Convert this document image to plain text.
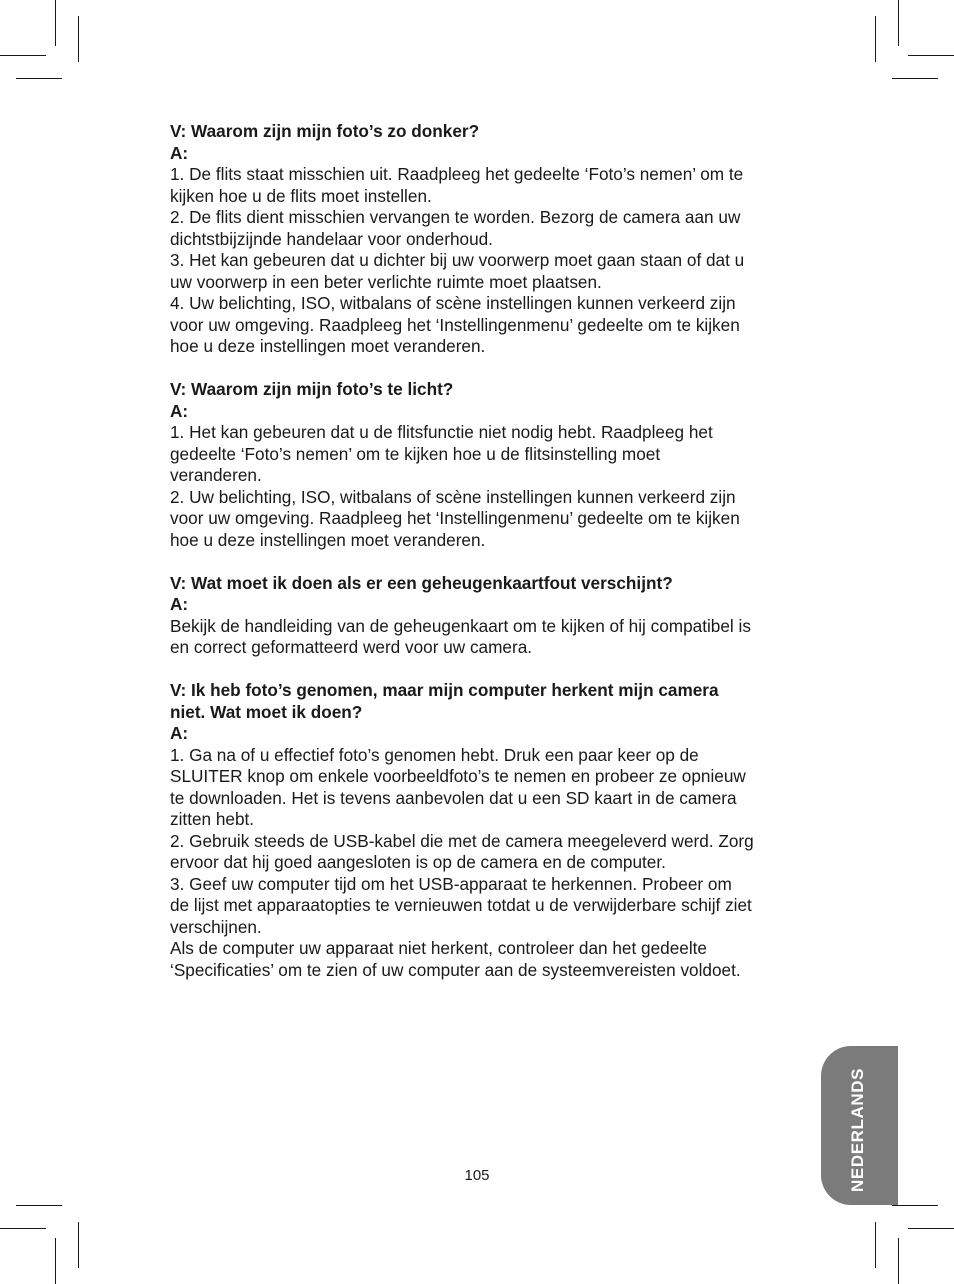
V: Waarom zijn mijn foto’s zo donker?
A:
1. De flits staat misschien uit. Raadpleeg het gedeelte ‘Foto’s nemen’ om te
kijken hoe u de flits moet instellen.
2. De flits dient misschien vervangen te worden. Bezorg de camera aan uw
dichtstbijzijnde handelaar voor onderhoud.
3. Het kan gebeuren dat u dichter bij uw voorwerp moet gaan staan of dat u
uw voorwerp in een beter verlichte ruimte moet plaatsen.
4. Uw belichting, ISO, witbalans of scène instellingen kunnen verkeerd zijn
voor uw omgeving. Raadpleeg het ‘Instellingenmenu’ gedeelte om te kijken
hoe u deze instellingen moet veranderen.
V: Waarom zijn mijn foto’s te licht?
A:
1. Het kan gebeuren dat u de flitsfunctie niet nodig hebt. Raadpleeg het
gedeelte ‘Foto’s nemen’ om te kijken hoe u de flitsinstelling moet
veranderen.
2. Uw belichting, ISO, witbalans of scène instellingen kunnen verkeerd zijn
voor uw omgeving. Raadpleeg het ‘Instellingenmenu’ gedeelte om te kijken
hoe u deze instellingen moet veranderen.
V: Wat moet ik doen als er een geheugenkaartfout verschijnt?
A:
Bekijk de handleiding van de geheugenkaart om te kijken of hij compatibel is
en correct geformatteerd werd voor uw camera.
V: Ik heb foto’s genomen, maar mijn computer herkent mijn camera
niet. Wat moet ik doen?
A:
1. Ga na of u effectief foto’s genomen hebt. Druk een paar keer op de
SLUITER knop om enkele voorbeeldfoto’s te nemen en probeer ze opnieuw
te downloaden. Het is tevens aanbevolen dat u een SD kaart in de camera
zitten hebt.
2. Gebruik steeds de USB-kabel die met de camera meegeleverd werd. Zorg
ervoor dat hij goed aangesloten is op de camera en de computer.
3. Geef uw computer tijd om het USB-apparaat te herkennen. Probeer om
de lijst met apparaatopties te vernieuwen totdat u de verwijderbare schijf ziet
verschijnen.
Als de computer uw apparaat niet herkent, controleer dan het gedeelte
‘Specificaties’ om te zien of uw computer aan de systeemvereisten voldoet.
105	NEDERLANDS
